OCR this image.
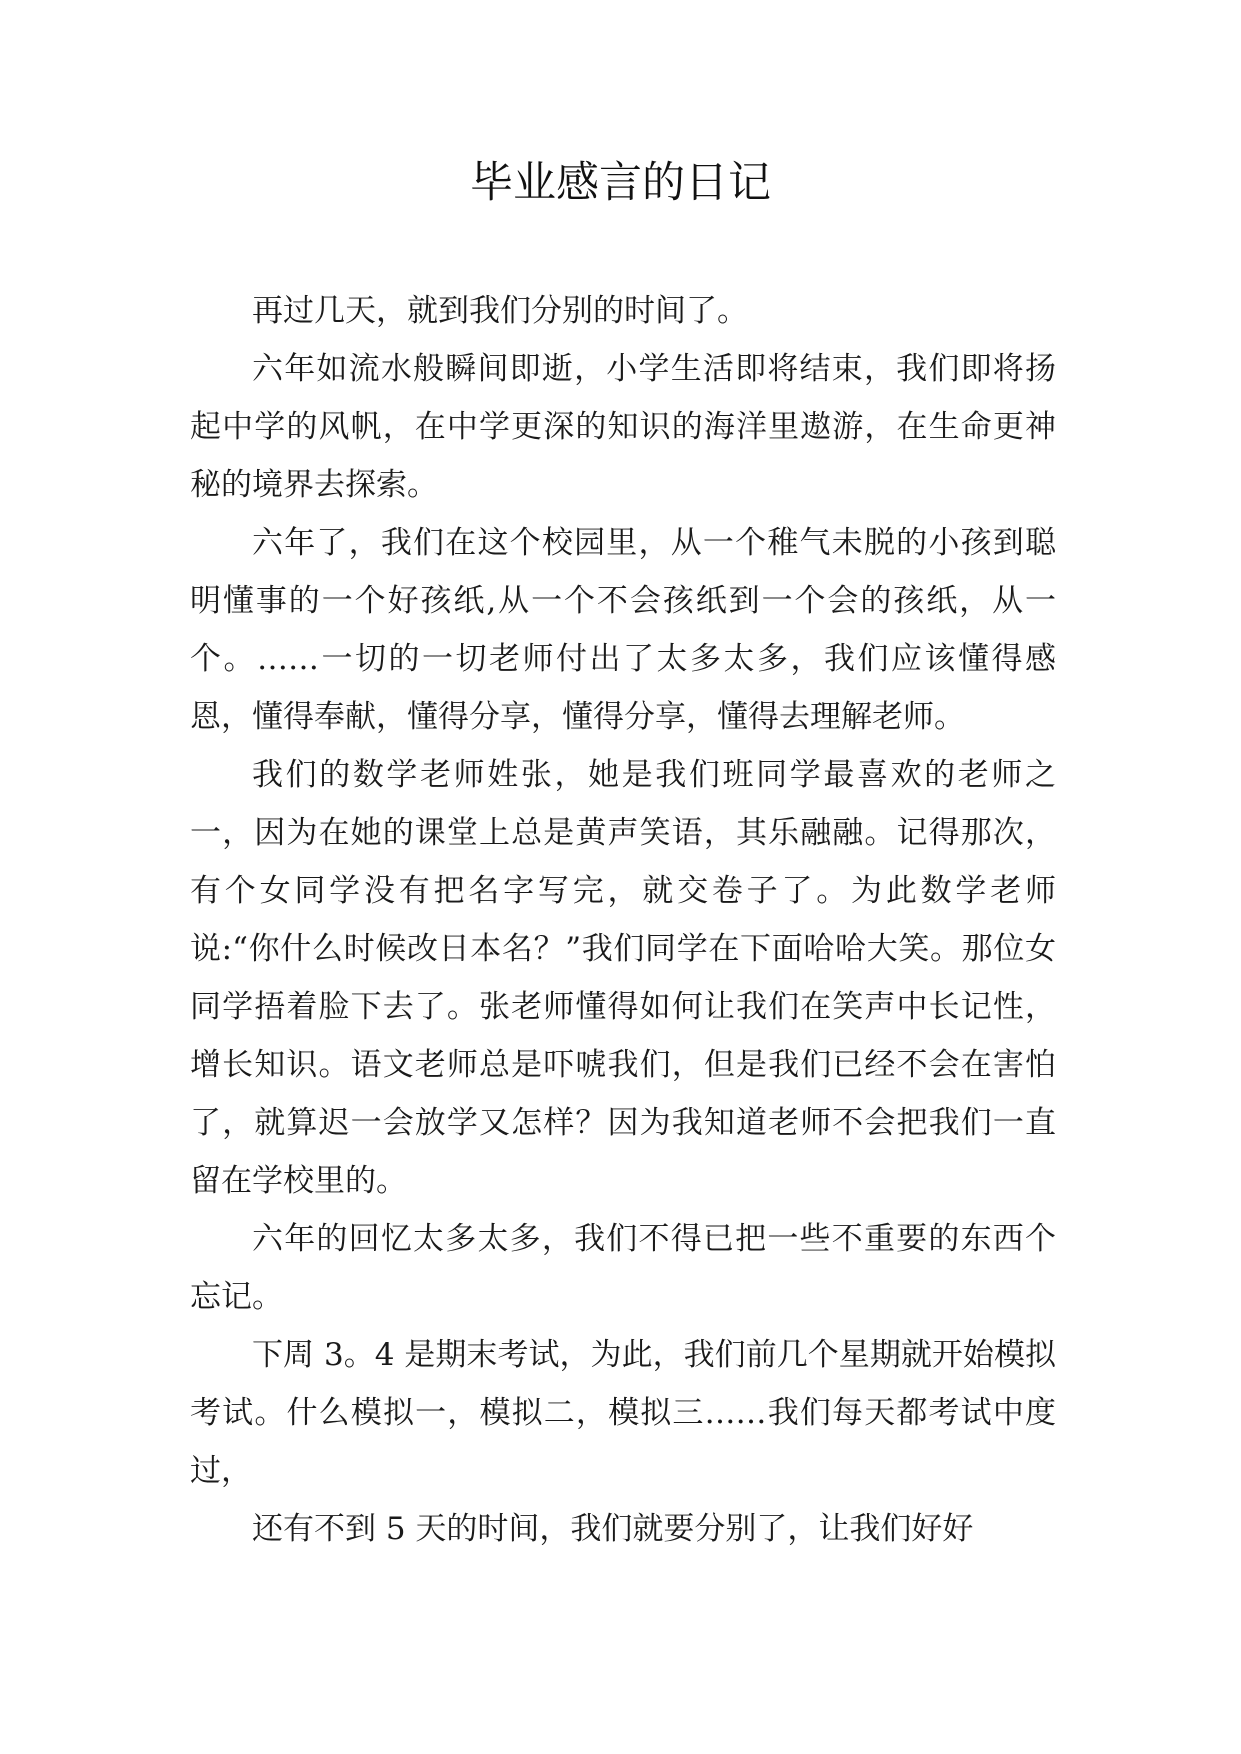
毕业感言的日记

再过几天，就到我们分别的时间了。

六年如流水般瞬间即逝，小学生活即将结束，我们即将扬起中学的风帆，在中学更深的知识的海洋里遨游，在生命更神秘的境界去探索。

六年了，我们在这个校园里，从一个稚气未脱的小孩到聪明懂事的一个好孩纸,从一个不会孩纸到一个会的孩纸，从一个。……一切的一切老师付出了太多太多，我们应该懂得感恩，懂得奉献，懂得分享，懂得分享，懂得去理解老师。

我们的数学老师姓张，她是我们班同学最喜欢的老师之一，因为在她的课堂上总是黄声笑语，其乐融融。记得那次，有个女同学没有把名字写完，就交卷子了。为此数学老师 说:“你什么时候改日本名？”我们同学在下面哈哈大笑。那位女同学捂着脸下去了。张老师懂得如何让我们在笑声中长记性，增长知识。语文老师总是吓唬我们，但是我们已经不会在害怕了，就算迟一会放学又怎样？因为我知道老师不会把我们一直留在学校里的。

六年的回忆太多太多，我们不得已把一些不重要的东西个忘记。

下周 3。4 是期末考试，为此，我们前几个星期就开始模拟考试。什么模拟一，模拟二，模拟三……我们每天都考试中度过，

还有不到 5 天的时间，我们就要分别了，让我们好好
